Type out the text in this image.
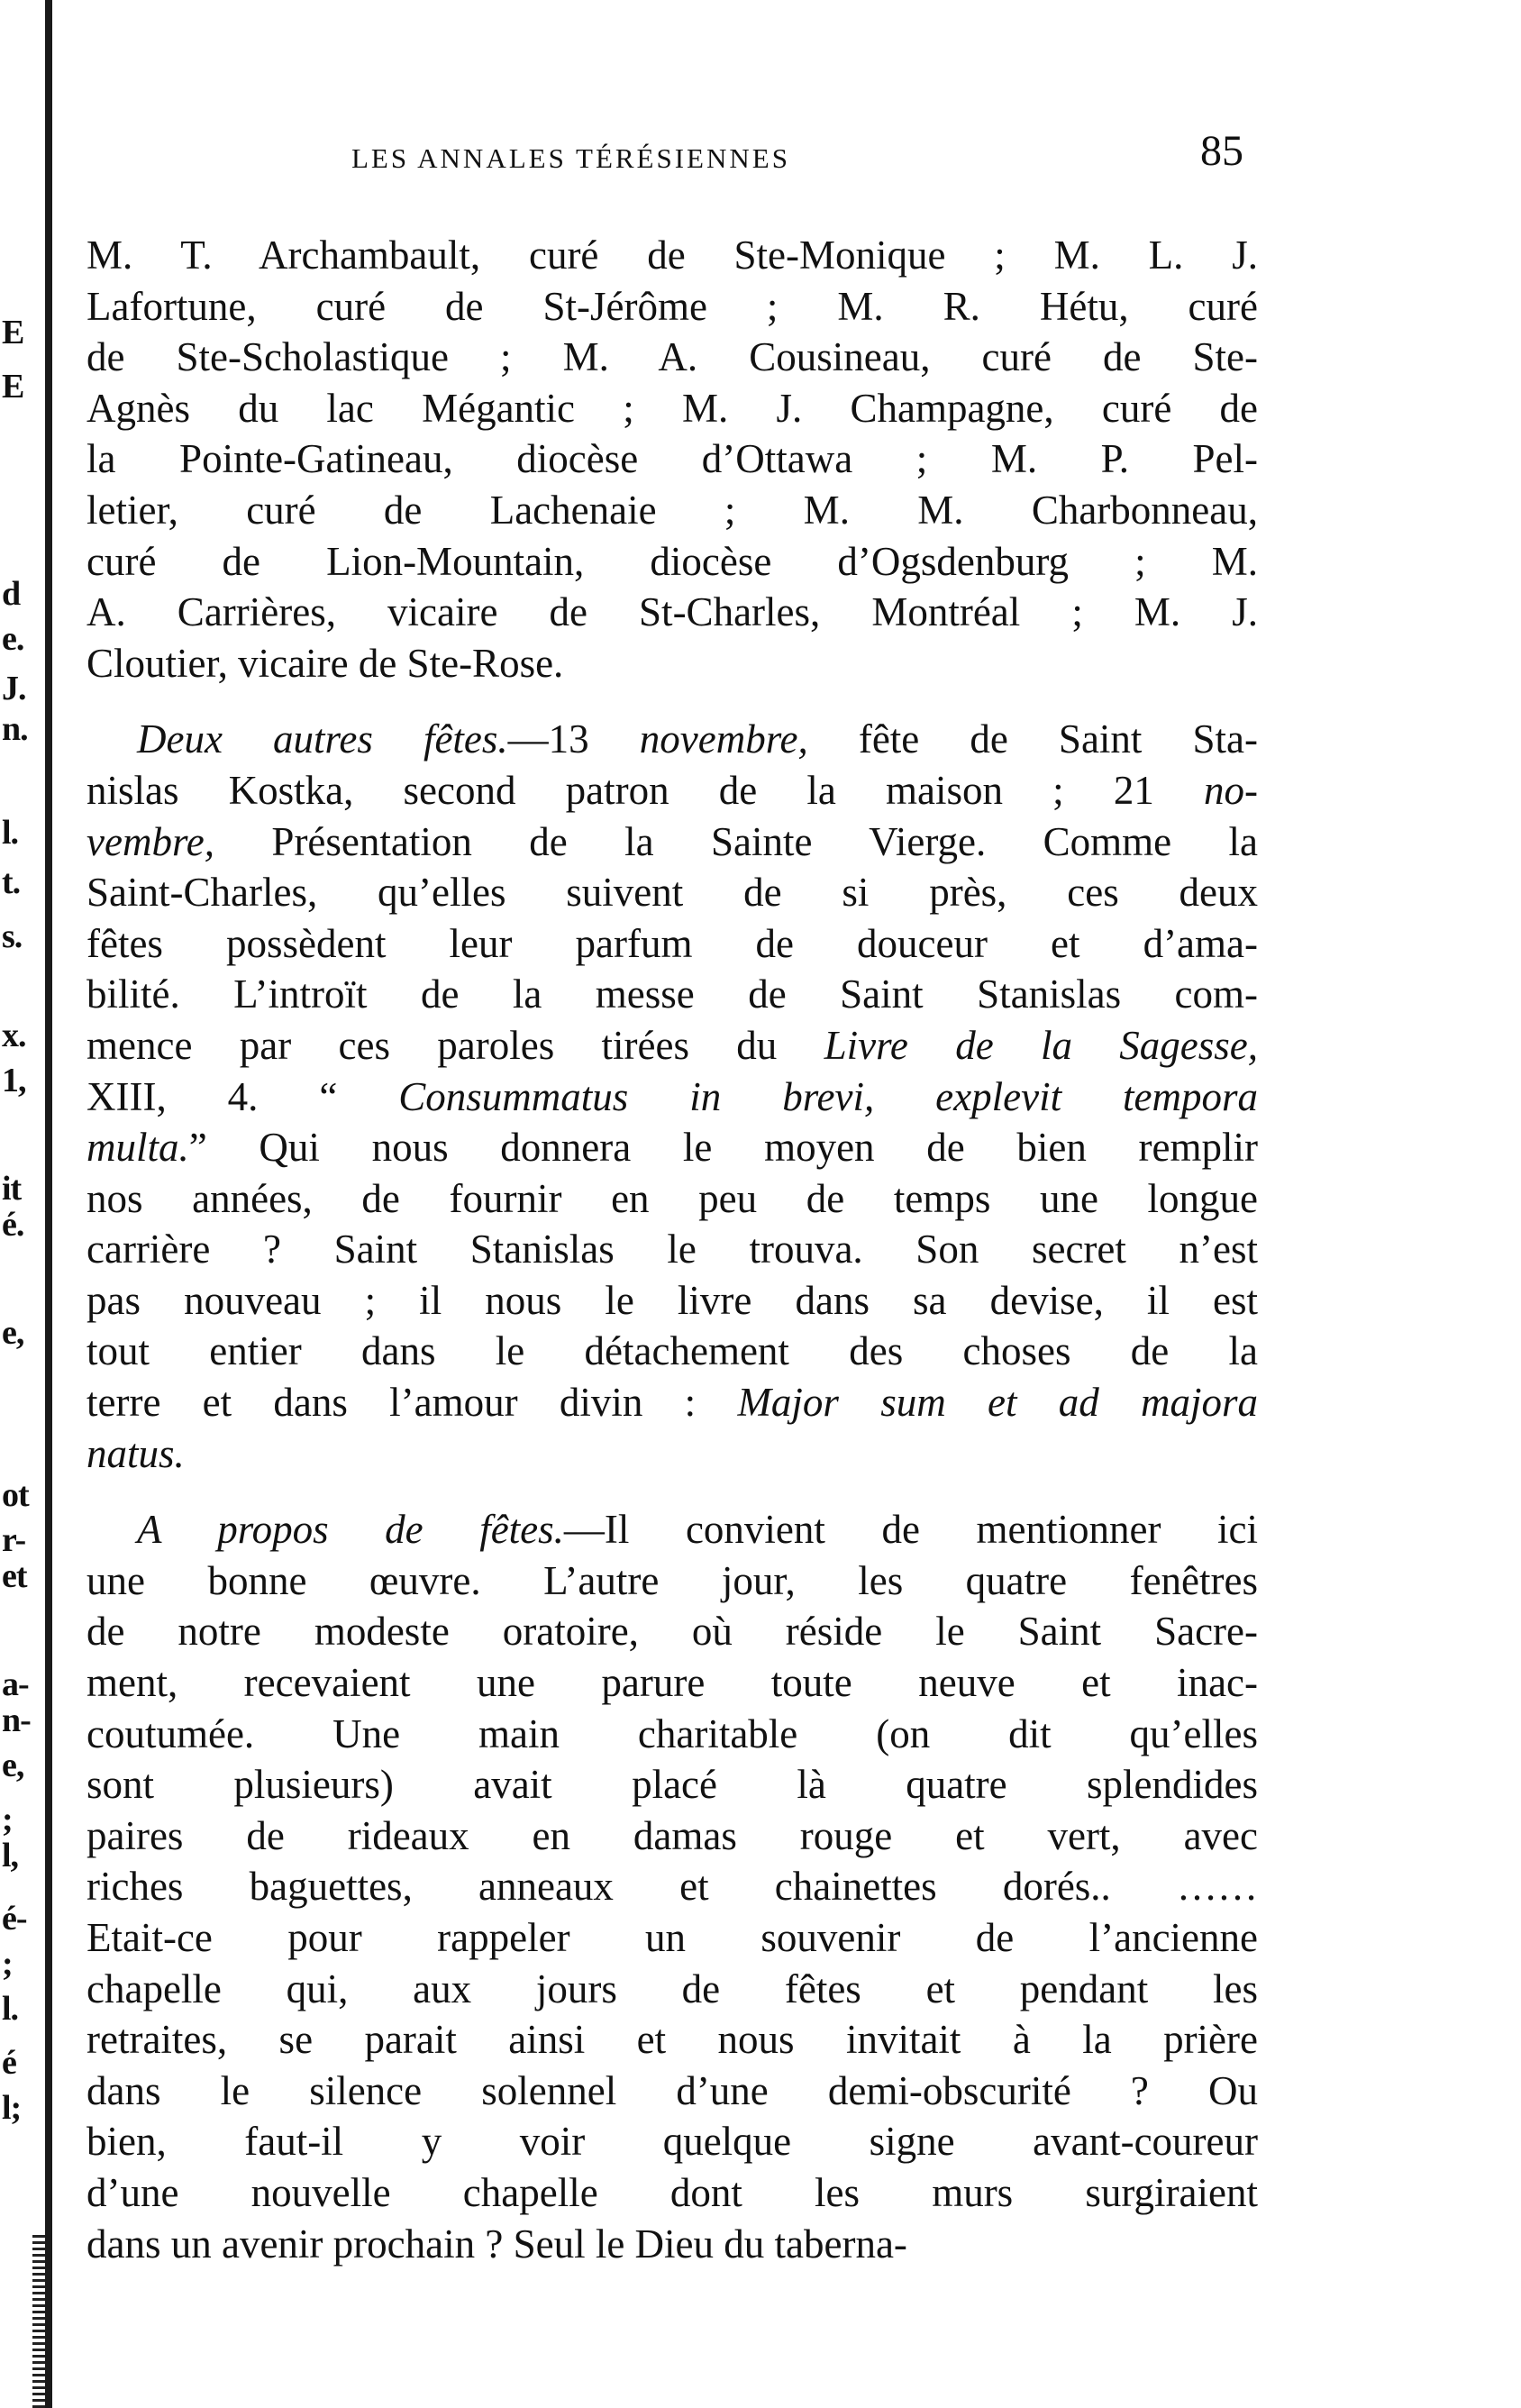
E
E
d
e.
J.
n.
l.
t.
s.
x.
1,
it
é.
e,
ot
r-
et
a-
n-
e,
;
l,
é-
;
l.
é
l;
LES ANNALES TÉRÉSIENNES	85
M. T. Archambault, curé de Ste-Monique ; M. L. J.
Lafortune, curé de St-Jérôme ; M. R. Hétu, curé
de Ste-Scholastique ; M. A. Cousineau, curé de Ste-
Agnès du lac Mégantic ; M. J. Champagne, curé de
la Pointe-Gatineau, diocèse d’Ottawa ; M. P. Pel-
letier, curé de Lachenaie ; M. M. Charbonneau,
curé de Lion-Mountain, diocèse d’Ogsdenburg ; M.
A. Carrières, vicaire de St-Charles, Montréal ; M. J.
Cloutier, vicaire de Ste-Rose.
Deux autres fêtes.—13 novembre, fête de Saint Sta-
nislas Kostka, second patron de la maison ; 21 no-
vembre, Présentation de la Sainte Vierge. Comme la
Saint-Charles, qu’elles suivent de si près, ces deux
fêtes possèdent leur parfum de douceur et d’ama-
bilité. L’introït de la messe de Saint Stanislas com-
mence par ces paroles tirées du Livre de la Sagesse,
XIII, 4. “ Consummatus in brevi, explevit tempora
multa.” Qui nous donnera le moyen de bien remplir
nos années, de fournir en peu de temps une longue
carrière ? Saint Stanislas le trouva. Son secret n’est
pas nouveau ; il nous le livre dans sa devise, il est
tout entier dans le détachement des choses de la
terre et dans l’amour divin : Major sum et ad majora
natus.
A propos de fêtes.—Il convient de mentionner ici
une bonne œuvre. L’autre jour, les quatre fenêtres
de notre modeste oratoire, où réside le Saint Sacre-
ment, recevaient une parure toute neuve et inac-
coutumée. Une main charitable (on dit qu’elles
sont plusieurs) avait placé là quatre splendides
paires de rideaux en damas rouge et vert, avec
riches baguettes, anneaux et chainettes dorés.. ……
Etait-ce pour rappeler un souvenir de l’ancienne
chapelle qui, aux jours de fêtes et pendant les
retraites, se parait ainsi et nous invitait à la prière
dans le silence solennel d’une demi-obscurité ? Ou
bien, faut-il y voir quelque signe avant-coureur
d’une nouvelle chapelle dont les murs surgiraient
dans un avenir prochain ? Seul le Dieu du taberna-
